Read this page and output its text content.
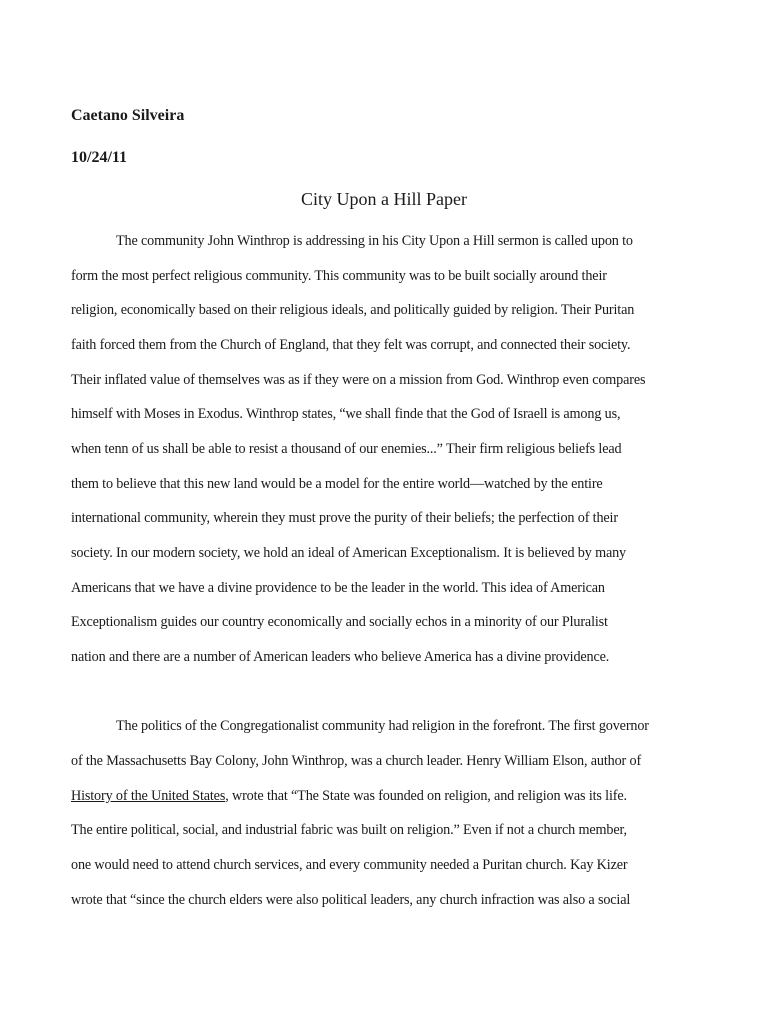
Caetano Silveira
10/24/11
City Upon a Hill Paper
The community John Winthrop is addressing in his City Upon a Hill sermon is called upon to
form the most perfect religious community. This community was to be built socially around their
religion, economically based on their religious ideals, and politically guided by religion. Their Puritan
faith forced them from the Church of England, that they felt was corrupt, and connected their society.
Their inflated value of themselves was as if they were on a mission from God. Winthrop even compares
himself with Moses in Exodus. Winthrop states, “we shall finde that the God of Israell is among us,
when tenn of us shall be able to resist a thousand of our enemies...” Their firm religious beliefs lead
them to believe that this new land would be a model for the entire world—watched by the entire
international community, wherein they must prove the purity of their beliefs; the perfection of their
society. In our modern society, we hold an ideal of American Exceptionalism. It is believed by many
Americans that we have a divine providence to be the leader in the world. This idea of American
Exceptionalism guides our country economically and socially echos in a minority of our Pluralist
nation and there are a number of American leaders who believe America has a divine providence.
The politics of the Congregationalist community had religion in the forefront. The first governor
of the Massachusetts Bay Colony, John Winthrop, was a church leader. Henry William Elson, author of
History of the United States, wrote that “The State was founded on religion, and religion was its life.
The entire political, social, and industrial fabric was built on religion.” Even if not a church member,
one would need to attend church services, and every community needed a Puritan church. Kay Kizer
wrote that “since the church elders were also political leaders, any church infraction was also a social
